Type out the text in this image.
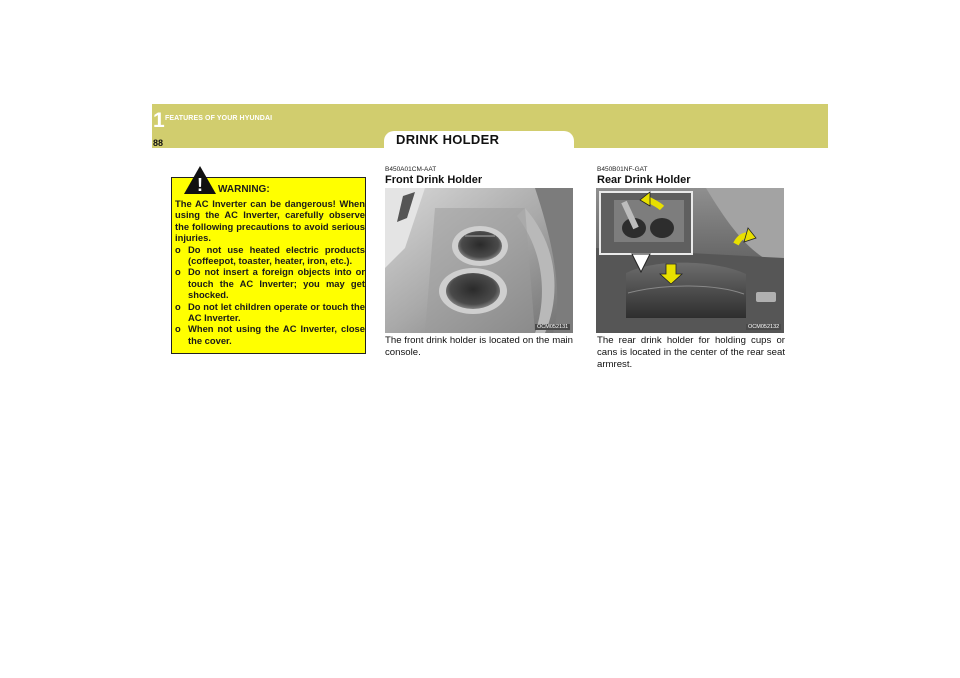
1 FEATURES OF YOUR HYUNDAI
88	DRINK HOLDER
! WARNING:

The AC Inverter can be dangerous! When using the AC Inverter, carefully observe the following precautions to avoid serious injuries.

o Do not use heated electric products (coffeepot, toaster, heater, iron, etc.).
o Do not insert a foreign objects into or touch the AC Inverter; you may get shocked.
o Do not let children operate or touch the AC Inverter.
o When not using the AC Inverter, close the cover.
B450A01CM-AAT
Front Drink Holder
OCM052131
The front drink holder is located on the main console.
B450B01NF-GAT
Rear Drink Holder
OCM052132
The rear drink holder for holding cups or cans is located in the center of the rear seat armrest.
